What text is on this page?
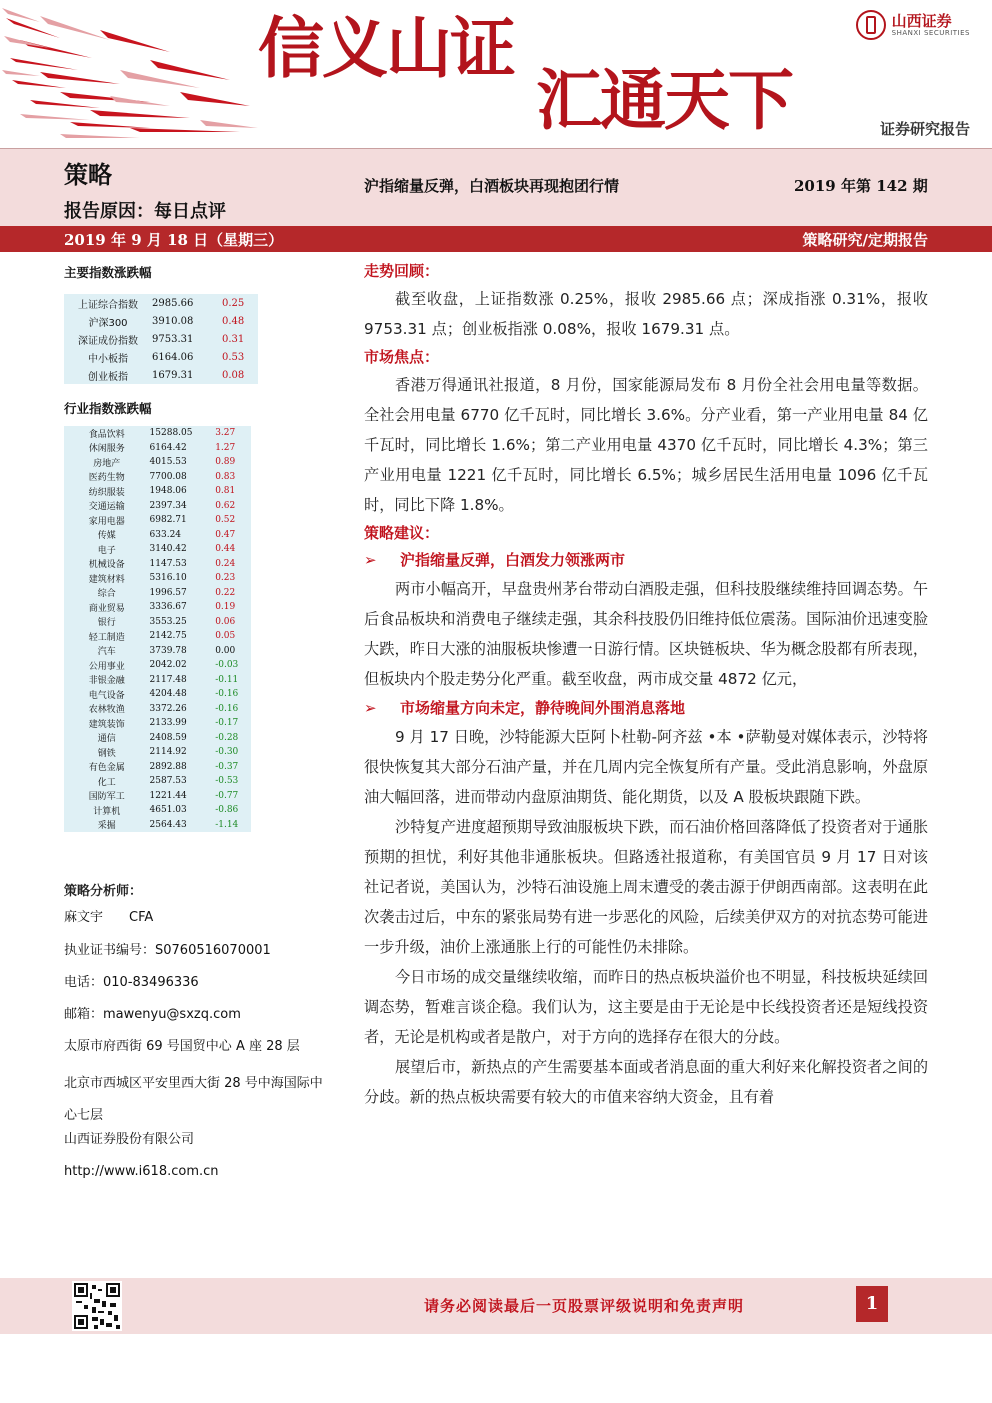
信义山证
汇通天下
山西证券
SHANXI SECURITIES
证券研究报告
策略
报告原因：每日点评
沪指缩量反弹，白酒板块再现抱团行情	2019 年第 142 期
2019 年 9 月 18 日（星期三）	策略研究/定期报告
主要指数涨跌幅
上证综合指数	2985.66	0.25
沪深300	3910.08	0.48
深证成份指数	9753.31	0.31
中小板指	6164.06	0.53
创业板指	1679.31	0.08
行业指数涨跌幅
食品饮料	15288.05	3.27
休闲服务	6164.42	1.27
房地产	4015.53	0.89
医药生物	7700.08	0.83
纺织服装	1948.06	0.81
交通运输	2397.34	0.62
家用电器	6982.71	0.52
传媒	633.24	0.47
电子	3140.42	0.44
机械设备	1147.53	0.24
建筑材料	5316.10	0.23
综合	1996.57	0.22
商业贸易	3336.67	0.19
银行	3553.25	0.06
轻工制造	2142.75	0.05
汽车	3739.78	0.00
公用事业	2042.02	-0.03
非银金融	2117.48	-0.11
电气设备	4204.48	-0.16
农林牧渔	3372.26	-0.16
建筑装饰	2133.99	-0.17
通信	2408.59	-0.28
钢铁	2114.92	-0.30
有色金属	2892.88	-0.37
化工	2587.53	-0.53
国防军工	1221.44	-0.77
计算机	4651.03	-0.86
采掘	2564.43	-1.14
策略分析师：
麻文宇　　CFA
执业证书编号：S0760516070001
电话：010-83496336
邮箱：mawenyu@sxzq.com
太原市府西街 69 号国贸中心 A 座 28 层
北京市西城区平安里西大街 28 号中海国际中心七层
山西证券股份有限公司
http://www.i618.com.cn
走势回顾：
截至收盘，上证指数涨 0.25%，报收 2985.66 点；深成指涨 0.31%，报收 9753.31 点；创业板指涨 0.08%，报收 1679.31 点。
市场焦点：
香港万得通讯社报道，8 月份，国家能源局发布 8 月份全社会用电量等数据。全社会用电量 6770 亿千瓦时，同比增长 3.6%。分产业看，第一产业用电量 84 亿千瓦时，同比增长 1.6%；第二产业用电量 4370 亿千瓦时，同比增长 4.3%；第三产业用电量 1221 亿千瓦时，同比增长 6.5%；城乡居民生活用电量 1096 亿千瓦时，同比下降 1.8%。
策略建议：
➢	沪指缩量反弹，白酒发力领涨两市
两市小幅高开，早盘贵州茅台带动白酒股走强，但科技股继续维持回调态势。午后食品板块和消费电子继续走强，其余科技股仍旧维持低位震荡。国际油价迅速变脸大跌，昨日大涨的油服板块惨遭一日游行情。区块链板块、华为概念股都有所表现，但板块内个股走势分化严重。截至收盘，两市成交量 4872 亿元，
➢	市场缩量方向未定，静待晚间外围消息落地
9 月 17 日晚，沙特能源大臣阿卜杜勒-阿齐兹 •本 •萨勒曼对媒体表示，沙特将很快恢复其大部分石油产量，并在几周内完全恢复所有产量。受此消息影响，外盘原油大幅回落，进而带动内盘原油期货、能化期货，以及 A 股板块跟随下跌。
沙特复产进度超预期导致油服板块下跌，而石油价格回落降低了投资者对于通胀预期的担忧，利好其他非通胀板块。但路透社报道称，有美国官员 9 月 17 日对该社记者说，美国认为，沙特石油设施上周末遭受的袭击源于伊朗西南部。这表明在此次袭击过后，中东的紧张局势有进一步恶化的风险，后续美伊双方的对抗态势可能进一步升级，油价上涨通胀上行的可能性仍未排除。
今日市场的成交量继续收缩，而昨日的热点板块溢价也不明显，科技板块延续回调态势，暂难言谈企稳。我们认为，这主要是由于无论是中长线投资者还是短线投资者，无论是机构或者是散户，对于方向的选择存在很大的分歧。
展望后市，新热点的产生需要基本面或者消息面的重大利好来化解投资者之间的分歧。新的热点板块需要有较大的市值来容纳大资金，且有着
请务必阅读最后一页股票评级说明和免责声明	1
